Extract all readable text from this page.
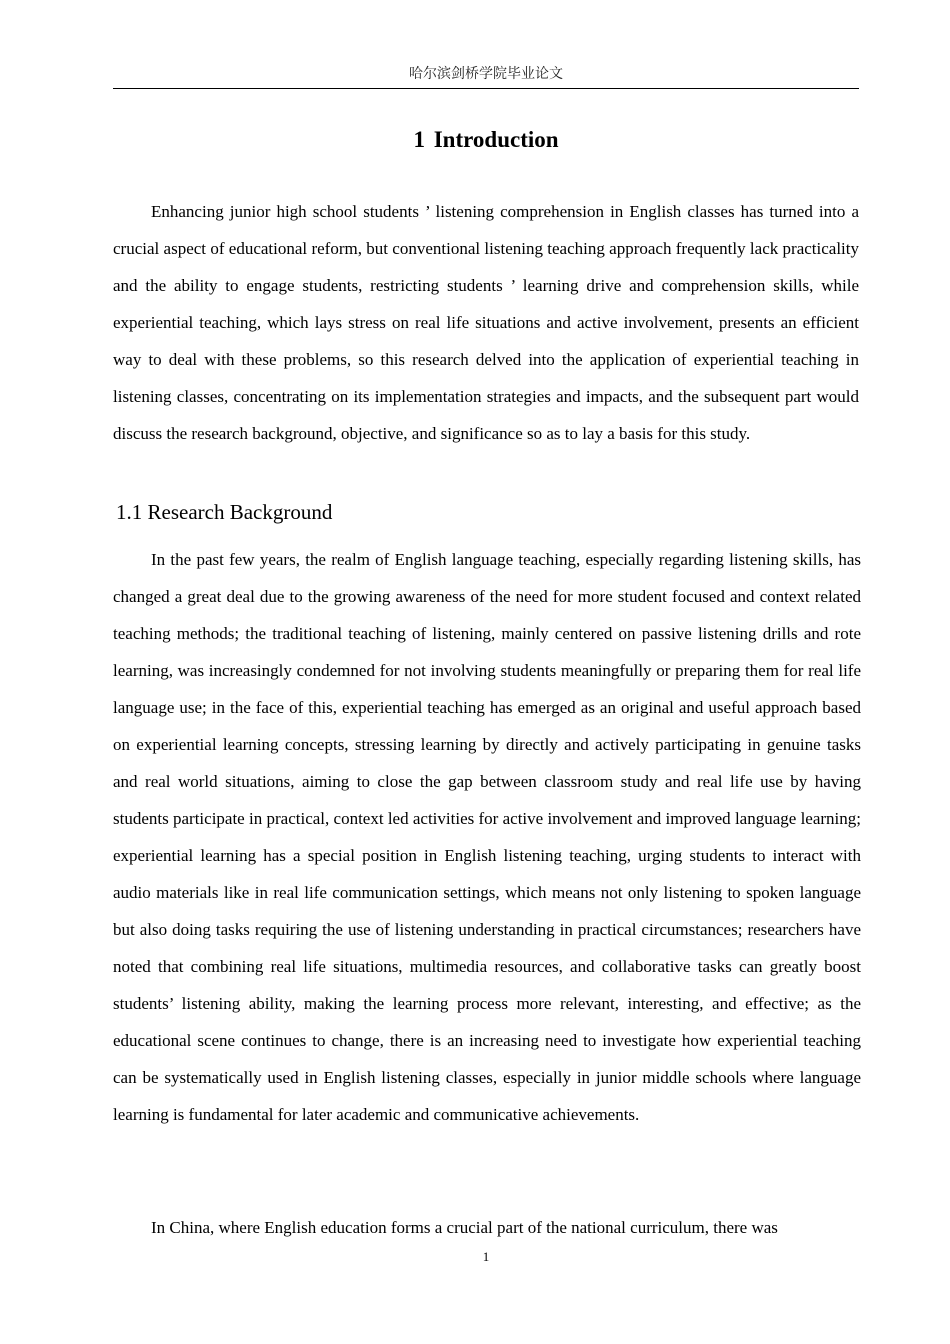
哈尔滨剑桥学院毕业论文
1 Introduction

Enhancing junior high school students ’ listening comprehension in English classes has turned into a crucial aspect of educational reform, but conventional listening teaching approach frequently lack practicality and the ability to engage students, restricting students ’ learning drive and comprehension skills, while experiential teaching, which lays stress on real life situations and active involvement, presents an efficient way to deal with these problems, so this research delved into the application of experiential teaching in listening classes, concentrating on its implementation strategies and impacts, and the subsequent part would discuss the research background, objective, and significance so as to lay a basis for this study.

1.1 Research Background

In the past few years, the realm of English language teaching, especially regarding listening skills, has changed a great deal due to the growing awareness of the need for more student focused and context related teaching methods; the traditional teaching of listening, mainly centered on passive listening drills and rote learning, was increasingly condemned for not involving students meaningfully or preparing them for real life language use; in the face of this, experiential teaching has emerged as an original and useful approach based on experiential learning concepts, stressing learning by directly and actively participating in genuine tasks and real world situations, aiming to close the gap between classroom study and real life use by having students participate in practical, context led activities for active involvement and improved language learning; experiential learning has a special position in English listening teaching, urging students to interact with audio materials like in real life communication settings, which means not only listening to spoken language but also doing tasks requiring the use of listening understanding in practical circumstances; researchers have noted that combining real life situations, multimedia resources, and collaborative tasks can greatly boost students’ listening ability, making the learning process more relevant, interesting, and effective; as the educational scene continues to change, there is an increasing need to investigate how experiential teaching can be systematically used in English listening classes, especially in junior middle schools where language learning is fundamental for later academic and communicative achievements.

In China, where English education forms a crucial part of the national curriculum, there was

1
